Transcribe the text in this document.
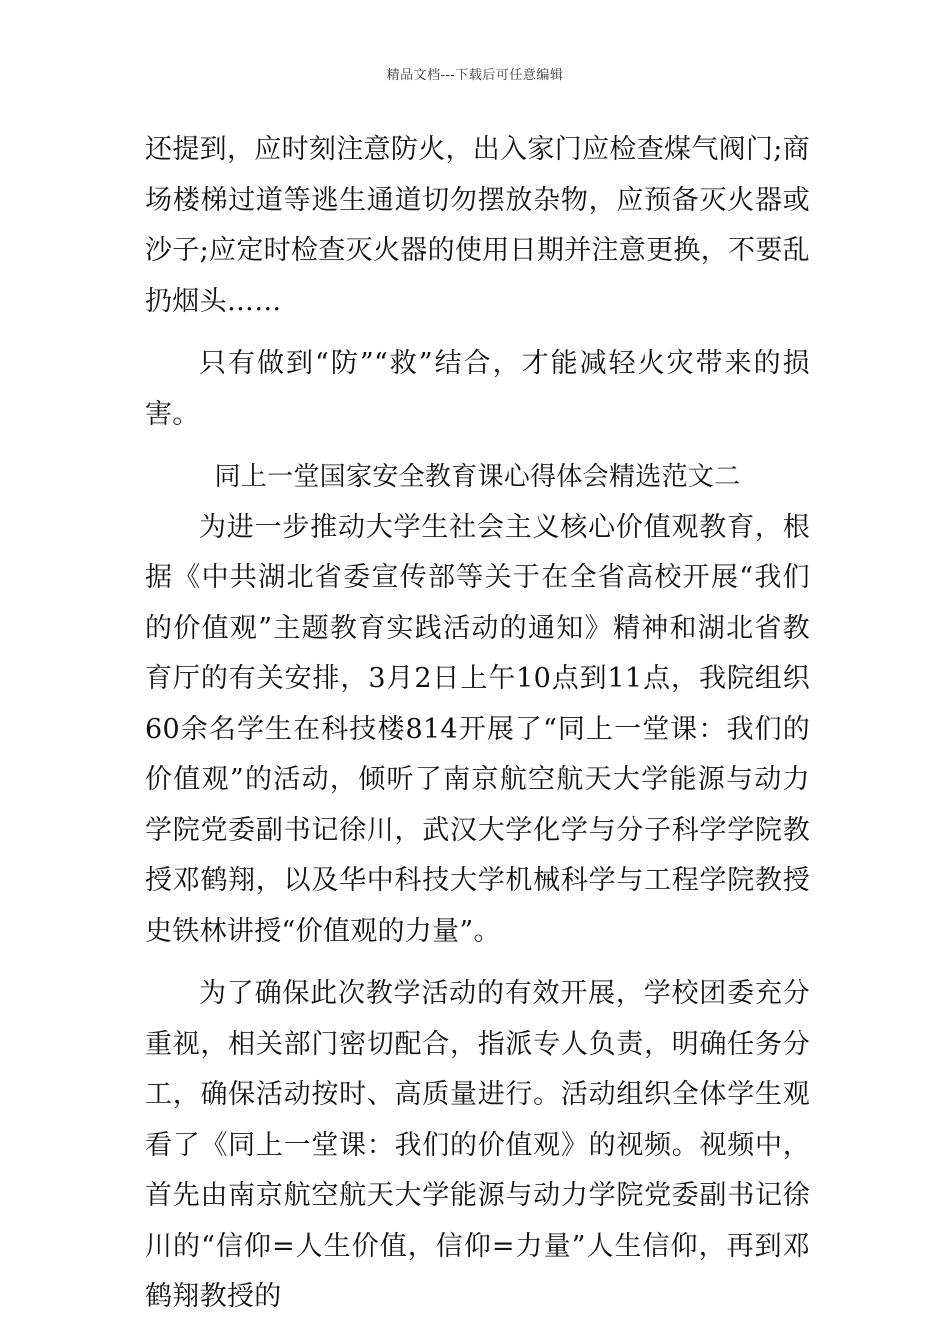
精品文档---下载后可任意编辑

还提到，应时刻注意防火，出入家门应检查煤气阀门;商场楼梯过道等逃生通道切勿摆放杂物，应预备灭火器或沙子;应定时检查灭火器的使用日期并注意更换，不要乱扔烟头……

只有做到“防”“救”结合，才能减轻火灾带来的损害。

同上一堂国家安全教育课心得体会精选范文二

为进一步推动大学生社会主义核心价值观教育，根据《中共湖北省委宣传部等关于在全省高校开展“我们的价值观”主题教育实践活动的通知》精神和湖北省教育厅的有关安排，3月2日上午10点到11点，我院组织60余名学生在科技楼814开展了“同上一堂课：我们的价值观”的活动，倾听了南京航空航天大学能源与动力学院党委副书记徐川，武汉大学化学与分子科学学院教授邓鹤翔，以及华中科技大学机械科学与工程学院教授史铁林讲授“价值观的力量”。

为了确保此次教学活动的有效开展，学校团委充分重视，相关部门密切配合，指派专人负责，明确任务分工，确保活动按时、高质量进行。活动组织全体学生观看了《同上一堂课：我们的价值观》的视频。视频中，首先由南京航空航天大学能源与动力学院党委副书记徐川的“信仰=人生价值，信仰=力量”人生信仰，再到邓鹤翔教授的
